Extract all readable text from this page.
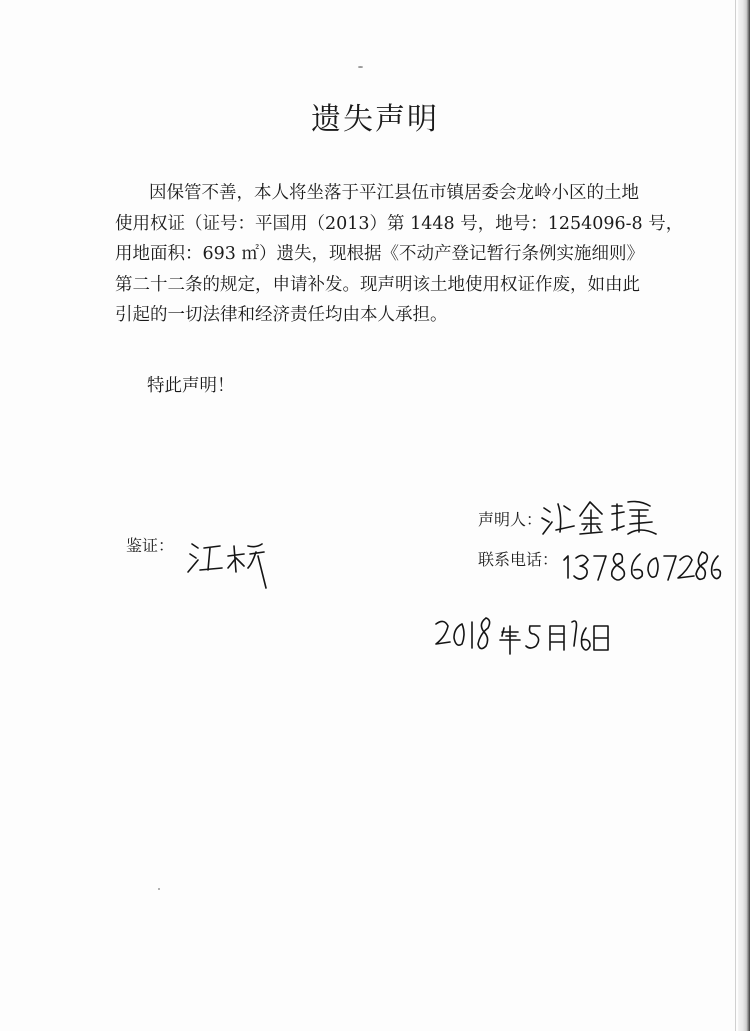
遗失声明
因保管不善，本人将坐落于平江县伍市镇居委会龙岭小区的土地
使用权证（证号：平国用（2013）第 1448 号，地号：1254096-8 号，
用地面积：693 ㎡）遗失，现根据《不动产登记暂行条例实施细则》
第二十二条的规定，申请补发。现声明该土地使用权证作废，如由此
引起的一切法律和经济责任均由本人承担。
特此声明！
声明人：
联系电话：
鉴证：
